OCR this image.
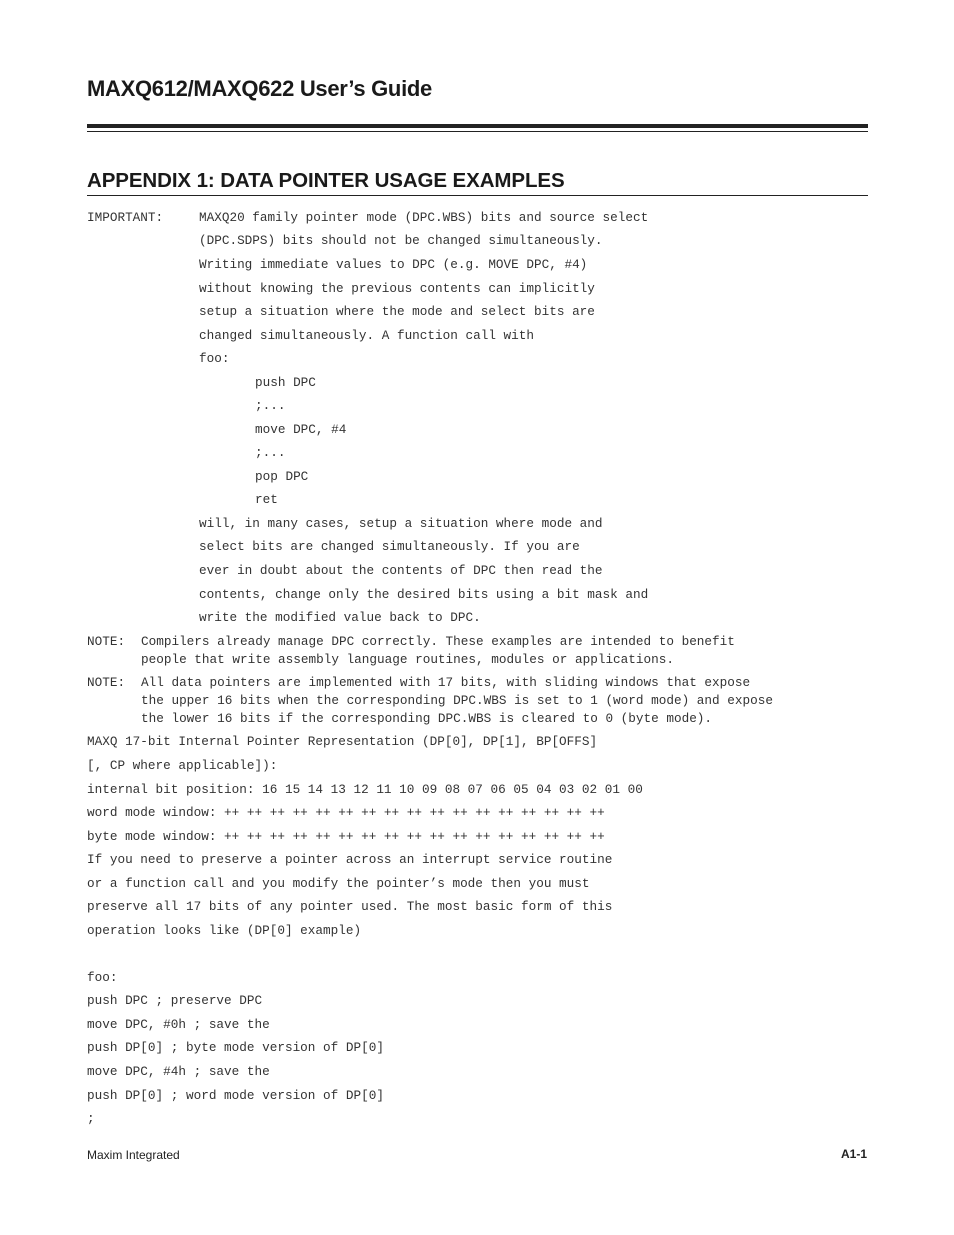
MAXQ612/MAXQ622 User’s Guide
APPENDIX 1: DATA POINTER USAGE EXAMPLES
IMPORTANT:	MAXQ20 family pointer mode (DPC.WBS) bits and source select
(DPC.SDPS) bits should not be changed simultaneously.
Writing immediate values to DPC (e.g. MOVE DPC, #4)
without knowing the previous contents can implicitly
setup a situation where the mode and select bits are
changed simultaneously. A function call with
foo:
push DPC
;...
move DPC, #4
;...
pop DPC
ret
will, in many cases, setup a situation where mode and
select bits are changed simultaneously. If you are
ever in doubt about the contents of DPC then read the
contents, change only the desired bits using a bit mask and
write the modified value back to DPC.
NOTE: Compilers already manage DPC correctly. These examples are intended to benefit
people that write assembly language routines, modules or applications.
NOTE: All data pointers are implemented with 17 bits, with sliding windows that expose
the upper 16 bits when the corresponding DPC.WBS is set to 1 (word mode) and expose
the lower 16 bits if the corresponding DPC.WBS is cleared to 0 (byte mode).
MAXQ 17-bit Internal Pointer Representation (DP[0], DP[1], BP[OFFS]
[, CP where applicable]):
internal bit position: 16 15 14 13 12 11 10 09 08 07 06 05 04 03 02 01 00
word mode window: ++ ++ ++ ++ ++ ++ ++ ++ ++ ++ ++ ++ ++ ++ ++ ++ ++
byte mode window: ++ ++ ++ ++ ++ ++ ++ ++ ++ ++ ++ ++ ++ ++ ++ ++ ++
If you need to preserve a pointer across an interrupt service routine
or a function call and you modify the pointer’s mode then you must
preserve all 17 bits of any pointer used. The most basic form of this
operation looks like (DP[0] example)
foo:
push DPC ; preserve DPC
move DPC, #0h ; save the
push DP[0] ; byte mode version of DP[0]
move DPC, #4h ; save the
push DP[0] ; word mode version of DP[0]
;
Maxim Integrated	A1-1
